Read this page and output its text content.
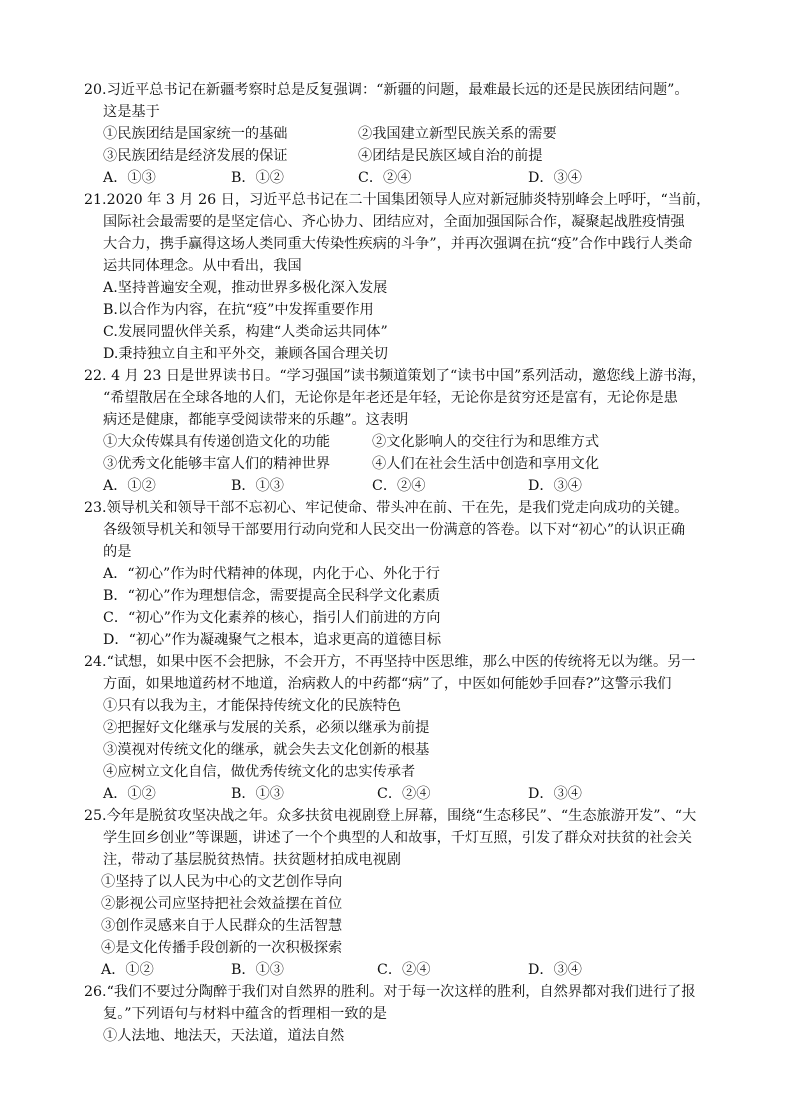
20.习近平总书记在新疆考察时总是反复强调：“新疆的问题，最难最长远的还是民族团结问题”。
这是基于
①民族团结是国家统一的基础	②我国建立新型民族关系的需要
③民族团结是经济发展的保证	④团结是民族区域自治的前提
A．①③	B．①②	C．②④	D．③④
21.2020 年 3 月 26 日，习近平总书记在二十国集团领导人应对新冠肺炎特别峰会上呼吁，“当前，
国际社会最需要的是坚定信心、齐心协力、团结应对，全面加强国际合作，凝聚起战胜疫情强
大合力，携手赢得这场人类同重大传染性疾病的斗争”，并再次强调在抗“疫”合作中践行人类命
运共同体理念。从中看出，我国
A.坚持普遍安全观，推动世界多极化深入发展
B.以合作为内容，在抗“疫”中发挥重要作用
C.发展同盟伙伴关系，构建“人类命运共同体”
D.秉持独立自主和平外交，兼顾各国合理关切
22. 4 月 23 日是世界读书日。“学习强国”读书频道策划了“读书中国”系列活动，邀您线上游书海，
“希望散居在全球各地的人们，无论你是年老还是年轻，无论你是贫穷还是富有，无论你是患
病还是健康，都能享受阅读带来的乐趣”。这表明
①大众传媒具有传递创造文化的功能	②文化影响人的交往行为和思维方式
③优秀文化能够丰富人们的精神世界	④人们在社会生活中创造和享用文化
A．①②	B．①③	C．②④	D．③④
23.领导机关和领导干部不忘初心、牢记使命、带头冲在前、干在先，是我们党走向成功的关键。
各级领导机关和领导干部要用行动向党和人民交出一份满意的答卷。以下对“初心”的认识正确
的是
A．“初心”作为时代精神的体现，内化于心、外化于行
B．“初心”作为理想信念，需要提高全民科学文化素质
C．“初心”作为文化素养的核心，指引人们前进的方向
D．“初心”作为凝魂聚气之根本，追求更高的道德目标
24.“试想，如果中医不会把脉，不会开方，不再坚持中医思维，那么中医的传统将无以为继。另一
方面，如果地道药材不地道，治病救人的中药都“病”了，中医如何能妙手回春?”这警示我们
①只有以我为主，才能保持传统文化的民族特色
②把握好文化继承与发展的关系，必须以继承为前提
③漠视对传统文化的继承，就会失去文化创新的根基
④应树立文化自信，做优秀传统文化的忠实传承者
A．①②	B．①③	C．②④	D．③④
25.今年是脱贫攻坚决战之年。众多扶贫电视剧登上屏幕，围绕“生态移民”、“生态旅游开发”、“大
学生回乡创业”等课题，讲述了一个个典型的人和故事，千灯互照，引发了群众对扶贫的社会关
注，带动了基层脱贫热情。扶贫题材拍成电视剧
①坚持了以人民为中心的文艺创作导向
②影视公司应坚持把社会效益摆在首位
③创作灵感来自于人民群众的生活智慧
④是文化传播手段创新的一次积极探索
A．①②	B．①③	C．②④	D．③④
26.“我们不要过分陶醉于我们对自然界的胜利。对于每一次这样的胜利，自然界都对我们进行了报
复。”下列语句与材料中蕴含的哲理相一致的是
①人法地、地法天，天法道，道法自然
